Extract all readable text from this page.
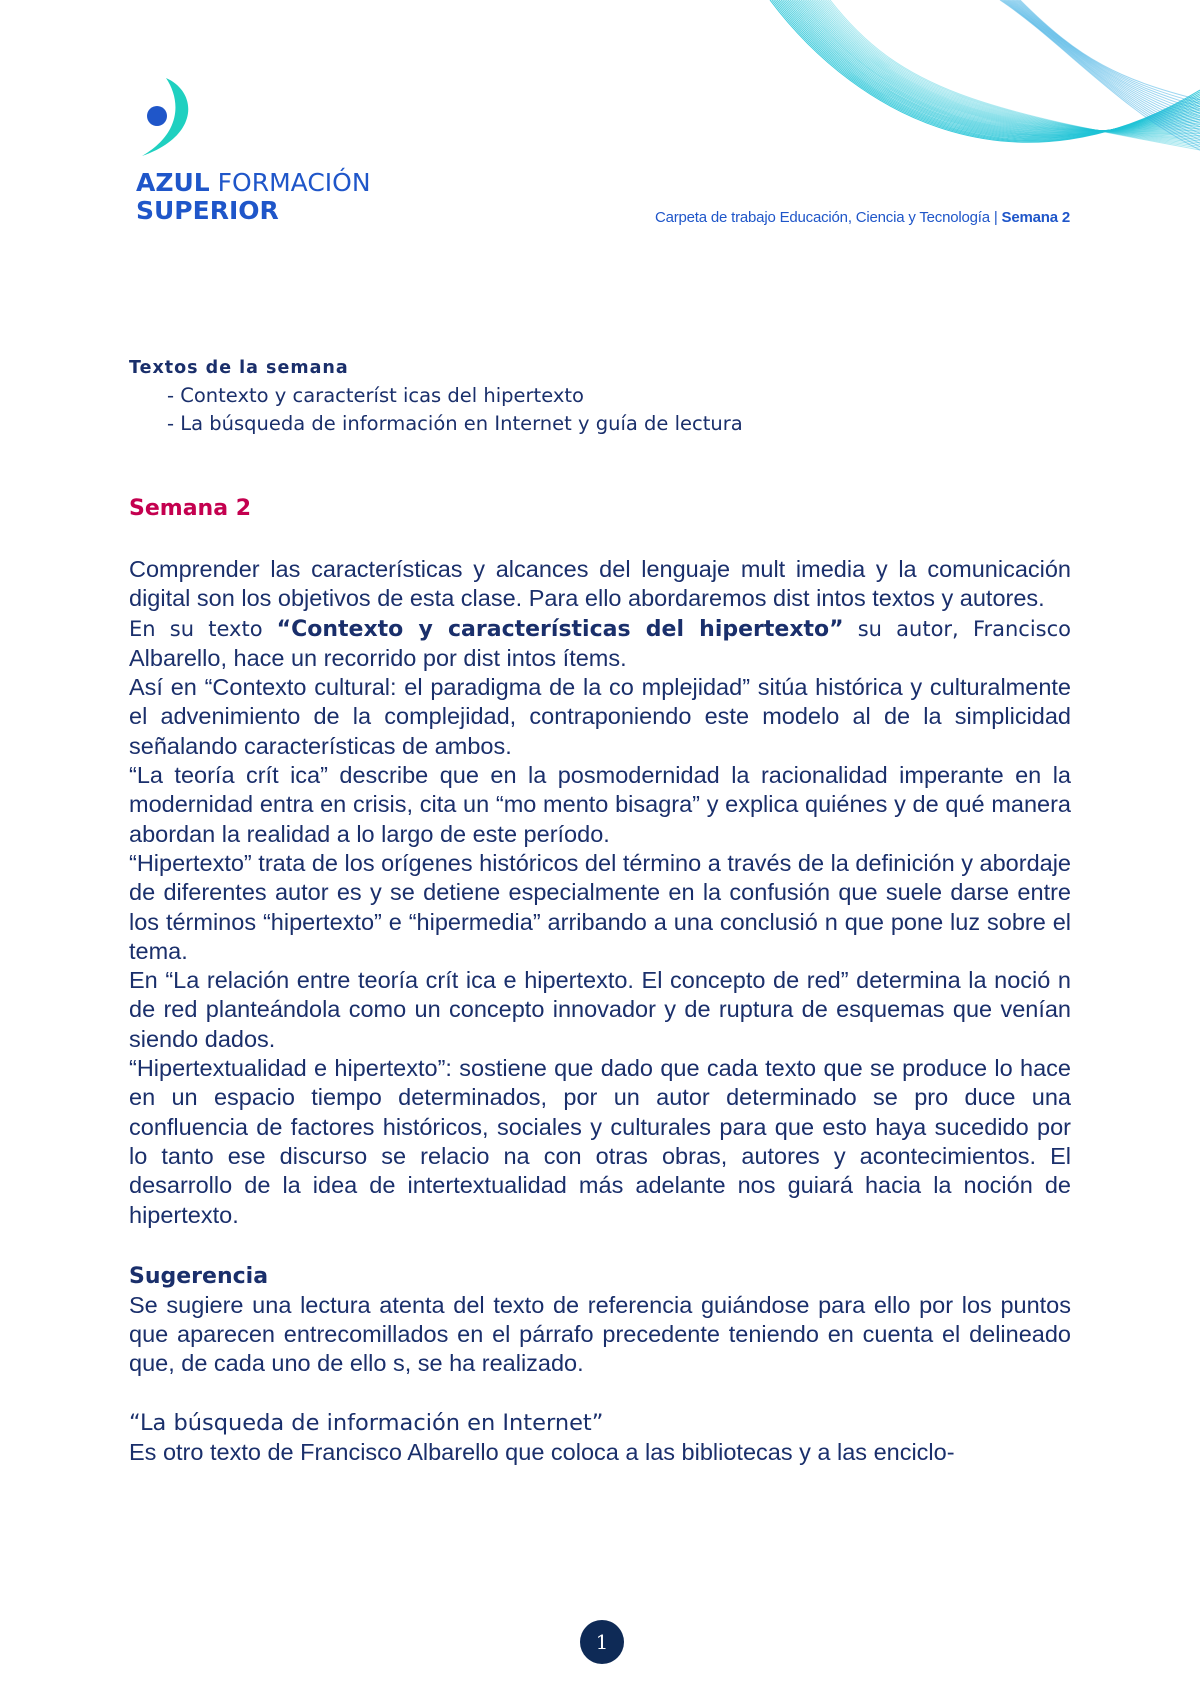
AZUL FORMACIÓN
SUPERIOR	Carpeta de trabajo Educación, Ciencia y Tecnología | Semana 2

Textos de la semana

- Contexto y característ icas del hipertexto
- La búsqueda de información en Internet y guía de lectura
Semana 2

Comprender las características y alcances del lenguaje mult imedia y la comunicación digital son los objetivos de esta clase. Para ello abordaremos dist intos textos y autores.

En su texto “Contexto y características del hipertexto” su autor, Francisco Albarello, hace un recorrido por dist intos ítems.

Así en “Contexto cultural: el paradigma de la co mplejidad” sitúa histórica y culturalmente el advenimiento de la complejidad, contraponiendo este modelo al de la simplicidad señalando características de ambos.

“La teoría crít ica” describe que en la posmodernidad la racionalidad imperante en la modernidad entra en crisis, cita un “mo mento bisagra” y explica quiénes y de qué manera abordan la realidad a lo largo de este período.

“Hipertexto” trata de los orígenes históricos del término a través de la definición y abordaje de diferentes autor es y se detiene especialmente en la confusión que suele darse entre los términos “hipertexto” e “hipermedia” arribando a una conclusió n que pone luz sobre el tema.

En “La relación entre teoría crít ica e hipertexto. El concepto de red” determina la noció n de red planteándola como un concepto innovador y de ruptura de esquemas que venían siendo dados.

“Hipertextualidad e hipertexto”: sostiene que dado que cada texto que se produce lo hace en un espacio tiempo determinados, por un autor determinado se pro duce una confluencia de factores históricos, sociales y culturales para que esto haya sucedido por lo tanto ese discurso se relacio na con otras obras, autores y acontecimientos. El desarrollo de la idea de intertextualidad más adelante nos guiará hacia la noción de hipertexto.

Sugerencia

Se sugiere una lectura atenta del texto de referencia guiándose para ello por los puntos que aparecen entrecomillados en el párrafo precedente teniendo en cuenta el delineado que, de cada uno de ello s, se ha realizado.

“La búsqueda de información en Internet”

Es otro texto de Francisco Albarello que coloca a las bibliotecas y a las enciclo-

1
